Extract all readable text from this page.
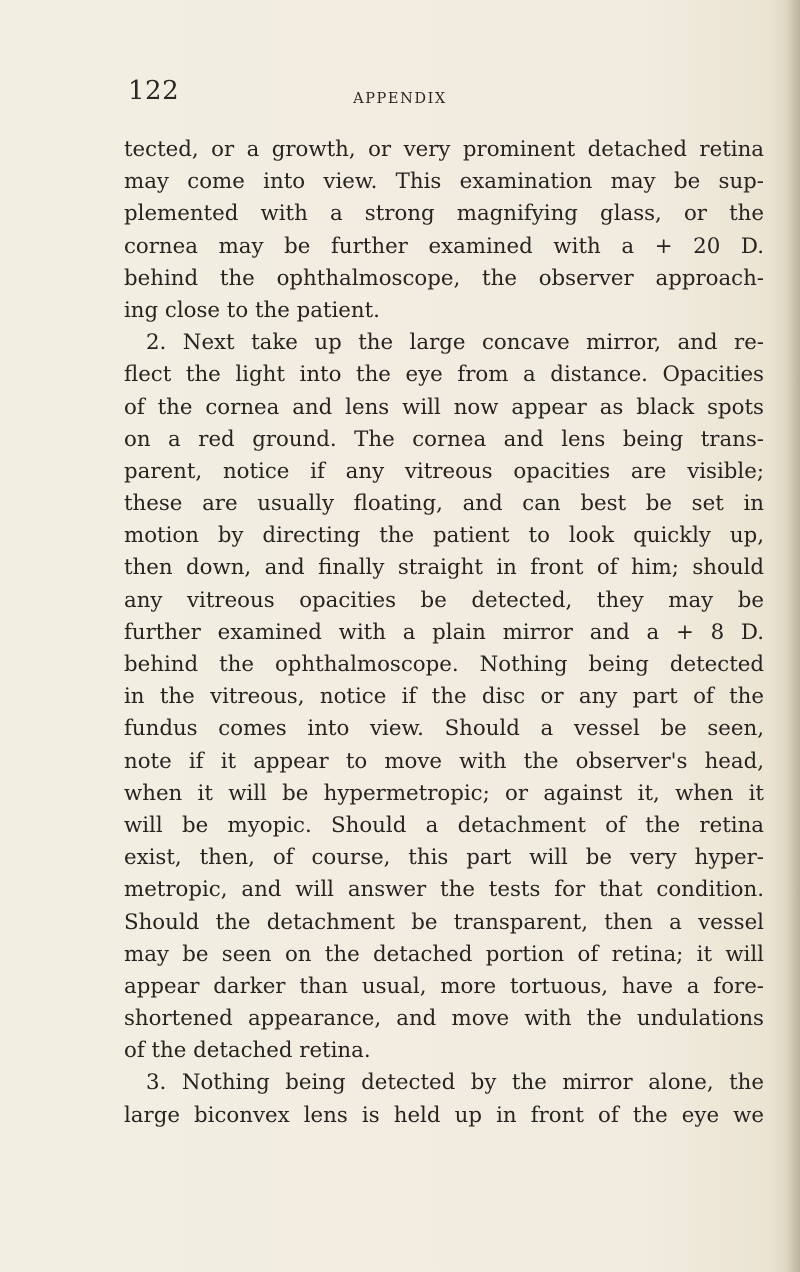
122	APPENDIX
tected, or a growth, or very prominent detached retina
may come into view. This examination may be sup-
plemented with a strong magnifying glass, or the
cornea may be further examined with a + 20 D.
behind the ophthalmoscope, the observer approach-
ing close to the patient.
2. Next take up the large concave mirror, and re-
flect the light into the eye from a distance. Opacities
of the cornea and lens will now appear as black spots
on a red ground. The cornea and lens being trans-
parent, notice if any vitreous opacities are visible;
these are usually floating, and can best be set in
motion by directing the patient to look quickly up,
then down, and finally straight in front of him; should
any vitreous opacities be detected, they may be
further examined with a plain mirror and a + 8 D.
behind the ophthalmoscope. Nothing being detected
in the vitreous, notice if the disc or any part of the
fundus comes into view. Should a vessel be seen,
note if it appear to move with the observer's head,
when it will be hypermetropic; or against it, when it
will be myopic. Should a detachment of the retina
exist, then, of course, this part will be very hyper-
metropic, and will answer the tests for that condition.
Should the detachment be transparent, then a vessel
may be seen on the detached portion of retina; it will
appear darker than usual, more tortuous, have a fore-
shortened appearance, and move with the undulations
of the detached retina.
3. Nothing being detected by the mirror alone, the
large biconvex lens is held up in front of the eye we
